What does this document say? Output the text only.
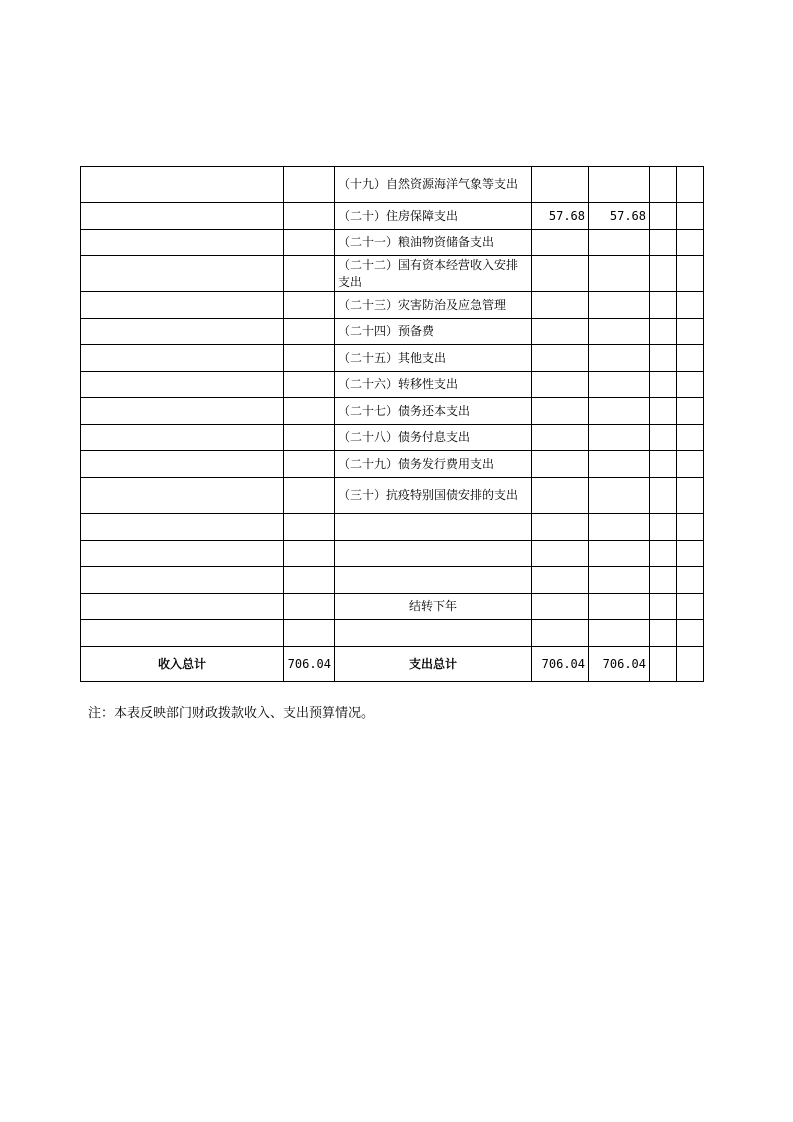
		（十九）自然资源海洋气象等支出				
		（二十）住房保障支出	57.68	57.68		
		（二十一）粮油物资储备支出				
		（二十二）国有资本经营收入安排支出				
		（二十三）灾害防治及应急管理				
		（二十四）预备费				
		（二十五）其他支出				
		（二十六）转移性支出				
		（二十七）债务还本支出				
		（二十八）债务付息支出				
		（二十九）债务发行费用支出				
		（三十）抗疫特别国债安排的支出				

		结转下年				

收入总计	706.04	支出总计	706.04	706.04		
注：本表反映部门财政拨款收入、支出预算情况。
